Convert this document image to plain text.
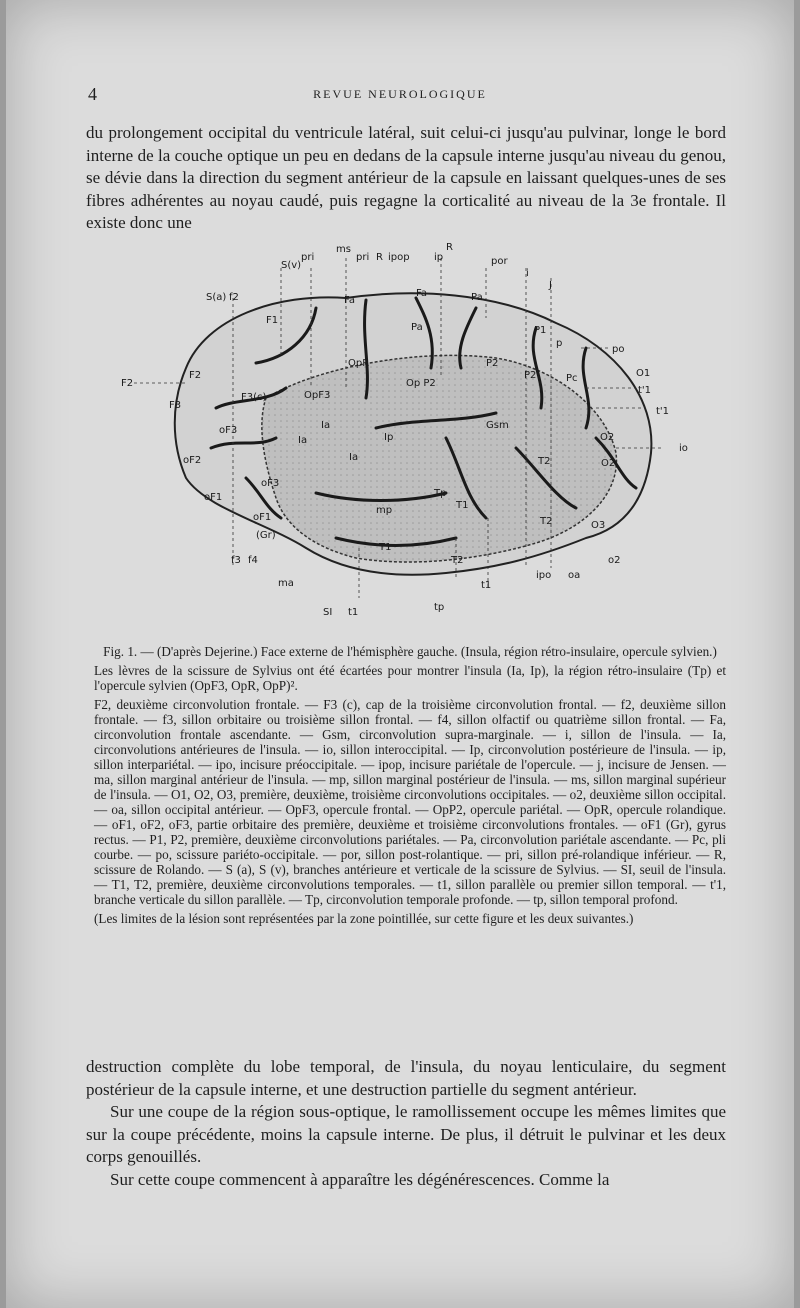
4	REVUE NEUROLOGIQUE

du prolongement occipital du ventricule latéral, suit celui-ci jusqu'au pulvinar, longe le bord interne de la couche optique un peu en dedans de la capsule interne jusqu'au niveau du genou, se dévie dans la direction du segment antérieur de la capsule en laissant quelques-unes de ses fibres adhérentes au noyau caudé, puis regagne la corticalité au niveau de la 3e frontale. Il existe donc une

S(v)
pri
ms
pri R ipop ip
R
por
i
J
S(a) f2
F1
Fa
Fa	Pa
Pa	P1
p
po
F2
F2
F3(c)	OpF3
OpR
Op P2
P2
P2	Pc	O1
t'1
t'1
F3
oF3
Ia
Ia
Ia
Ip
Gsm
io
O2
O2
oF2
oF1
oF3
T2
T2
Tp
T1
mp
O3
oF1
(Gr)
T1
T2	o2
f3 f4
ma
ipo oa
t1
SI t1	tp

Fig. 1. — (D'après Dejerine.) Face externe de l'hémisphère gauche. (Insula, région rétro-insulaire, opercule sylvien.)

Les lèvres de la scissure de Sylvius ont été écartées pour montrer l'insula (Ia, Ip), la région rétro-insulaire (Tp) et l'opercule sylvien (OpF3, OpR, OpP)².

F2, deuxième circonvolution frontale. — F3 (c), cap de la troisième circonvolution frontal. — f2, deuxième sillon frontale. — f3, sillon orbitaire ou troisième sillon frontal. — f4, sillon olfactif ou quatrième sillon frontal. — Fa, circonvolution frontale ascendante. — Gsm, circonvolution supra-marginale. — i, sillon de l'insula. — Ia, circonvolutions antérieures de l'insula. — io, sillon interoccipital. — Ip, circonvolution postérieure de l'insula. — ip, sillon interpariétal. — ipo, incisure préoccipitale. — ipop, incisure pariétale de l'opercule. — j, incisure de Jensen. — ma, sillon marginal antérieur de l'insula. — mp, sillon marginal postérieur de l'insula. — ms, sillon marginal supérieur de l'insula. — O1, O2, O3, première, deuxième, troisième circonvolutions occipitales. — o2, deuxième sillon occipital. — oa, sillon occipital antérieur. — OpF3, opercule frontal. — OpP2, opercule pariétal. — OpR, opercule rolandique. — oF1, oF2, oF3, partie orbitaire des première, deuxième et troisième circonvolutions frontales. — oF1 (Gr), gyrus rectus. — P1, P2, première, deuxième circonvolutions pariétales. — Pa, circonvolution pariétale ascendante. — Pc, pli courbe. — po, scissure pariéto-occipitale. — por, sillon post-rolantique. — pri, sillon pré-rolandique inférieur. — R, scissure de Rolando. — S (a), S (v), branches antérieure et verticale de la scissure de Sylvius. — SI, seuil de l'insula. — T1, T2, première, deuxième circonvolutions temporales. — t1, sillon parallèle ou premier sillon temporal. — t'1, branche verticale du sillon parallèle. — Tp, circonvolution temporale profonde. — tp, sillon temporal profond.

(Les limites de la lésion sont représentées par la zone pointillée, sur cette figure et les deux suivantes.)

destruction complète du lobe temporal, de l'insula, du noyau lenticulaire, du segment postérieur de la capsule interne, et une destruction partielle du segment antérieur.

Sur une coupe de la région sous-optique, le ramollissement occupe les mêmes limites que sur la coupe précédente, moins la capsule interne. De plus, il détruit le pulvinar et les deux corps genouillés.

Sur cette coupe commencent à apparaître les dégénérescences. Comme la
